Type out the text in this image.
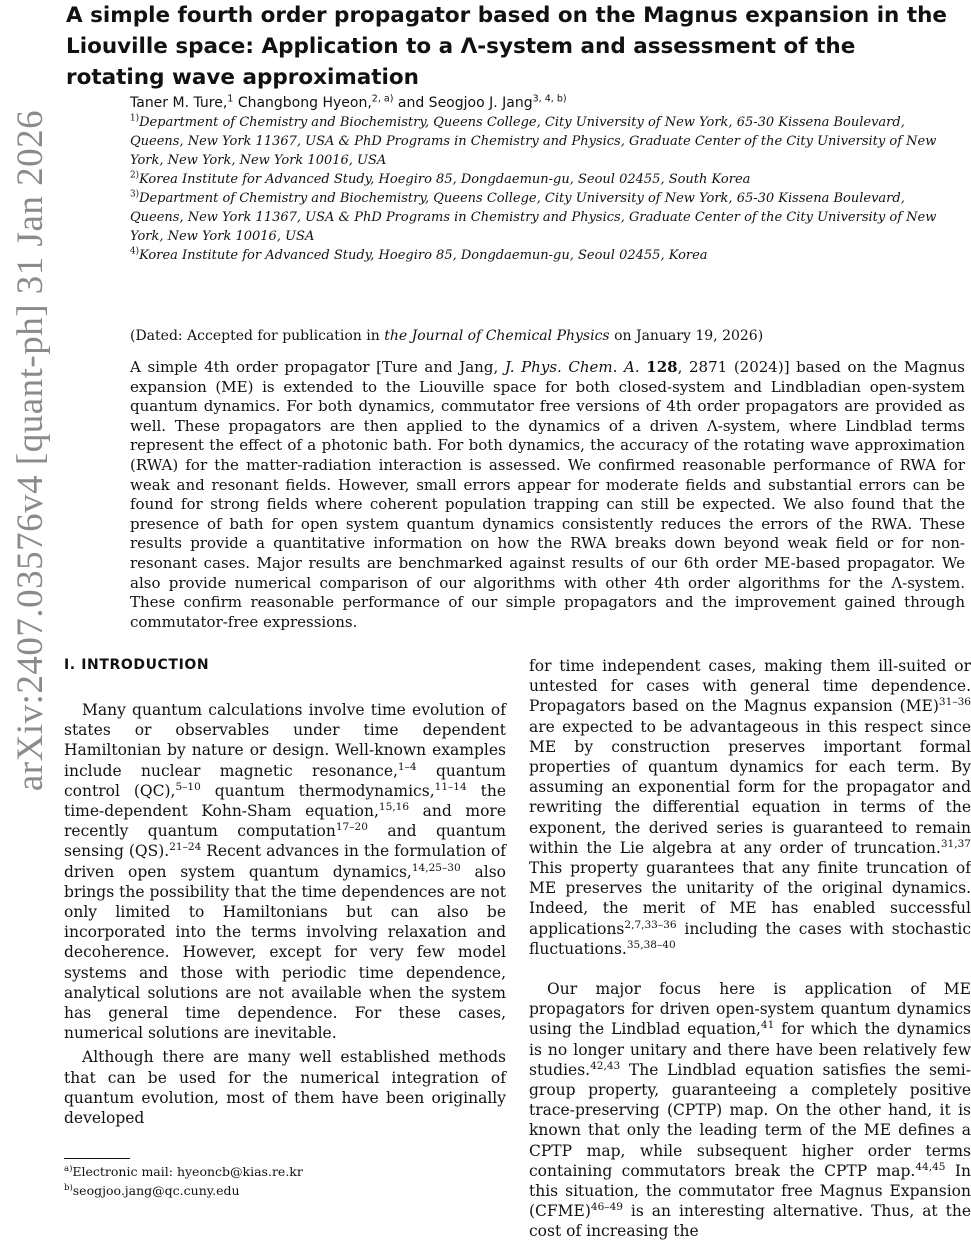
arXiv:2407.03576v4 [quant-ph] 31 Jan 2026
A simple fourth order propagator based on the Magnus expansion in the Liouville space: Application to a Λ-system and assessment of the rotating wave approximation
Taner M. Ture,$^1$ Changbong Hyeon,$^{2, a)}$ and Seogjoo J. Jang$^{3, 4, b)}$
$^{1)}$Department of Chemistry and Biochemistry, Queens College, City University of New York, 65-30 Kissena Boulevard, Queens, New York 11367, USA & PhD Programs in Chemistry and Physics, Graduate Center of the City University of New York, New York, New York 10016, USA
$^{2)}$Korea Institute for Advanced Study, Hoegiro 85, Dongdaemun-gu, Seoul 02455, South Korea
$^{3)}$Department of Chemistry and Biochemistry, Queens College, City University of New York, 65-30 Kissena Boulevard, Queens, New York 11367, USA & PhD Programs in Chemistry and Physics, Graduate Center of the City University of New York, New York 10016, USA
$^{4)}$Korea Institute for Advanced Study, Hoegiro 85, Dongdaemun-gu, Seoul 02455, Korea
(Dated: Accepted for publication in the Journal of Chemical Physics on January 19, 2026)
A simple 4th order propagator [Ture and Jang, J. Phys. Chem. A. 128, 2871 (2024)] based on the Magnus expansion (ME) is extended to the Liouville space for both closed-system and Lindbladian open-system quantum dynamics. For both dynamics, commutator free versions of 4th order propagators are provided as well. These propagators are then applied to the dynamics of a driven Λ-system, where Lindblad terms represent the effect of a photonic bath. For both dynamics, the accuracy of the rotating wave approximation (RWA) for the matter-radiation interaction is assessed. We confirmed reasonable performance of RWA for weak and resonant fields. However, small errors appear for moderate fields and substantial errors can be found for strong fields where coherent population trapping can still be expected. We also found that the presence of bath for open system quantum dynamics consistently reduces the errors of the RWA. These results provide a quantitative information on how the RWA breaks down beyond weak field or for non-resonant cases. Major results are benchmarked against results of our 6th order ME-based propagator. We also provide numerical comparison of our algorithms with other 4th order algorithms for the Λ-system. These confirm reasonable performance of our simple propagators and the improvement gained through commutator-free expressions.
I. INTRODUCTION

Many quantum calculations involve time evolution of states or observables under time dependent Hamiltonian by nature or design. Well-known examples include nuclear magnetic resonance,$^{1-4}$ quantum control (QC),$^{5-10}$ quantum thermodynamics,$^{11-14}$ the time-dependent Kohn-Sham equation,$^{15,16}$ and more recently quantum computation$^{17-20}$ and quantum sensing (QS).$^{21-24}$ Recent advances in the formulation of driven open system quantum dynamics,$^{14,25-30}$ also brings the possibility that the time dependences are not only limited to Hamiltonians but can also be incorporated into the terms involving relaxation and decoherence. However, except for very few model systems and those with periodic time dependence, analytical solutions are not available when the system has general time dependence. For these cases, numerical solutions are inevitable.

Although there are many well established methods that can be used for the numerical integration of quantum evolution, most of them have been originally developed

for time independent cases, making them ill-suited or untested for cases with general time dependence. Propagators based on the Magnus expansion (ME)$^{31-36}$ are expected to be advantageous in this respect since ME by construction preserves important formal properties of quantum dynamics for each term. By assuming an exponential form for the propagator and rewriting the differential equation in terms of the exponent, the derived series is guaranteed to remain within the Lie algebra at any order of truncation.$^{31,37}$ This property guarantees that any finite truncation of ME preserves the unitarity of the original dynamics. Indeed, the merit of ME has enabled successful applications$^{2,7,33-36}$ including the cases with stochastic fluctuations.$^{35,38-40}$

Our major focus here is application of ME propagators for driven open-system quantum dynamics using the Lindblad equation,$^{41}$ for which the dynamics is no longer unitary and there have been relatively few studies.$^{42,43}$ The Lindblad equation satisfies the semi-group property, guaranteeing a completely positive trace-preserving (CPTP) map. On the other hand, it is known that only the leading term of the ME defines a CPTP map, while subsequent higher order terms containing commutators break the CPTP map.$^{44,45}$ In this situation, the commutator free Magnus Expansion (CFME)$^{46-49}$ is an interesting alternative. Thus, at the cost of increasing the

$^{a)}$Electronic mail: hyeoncb@kias.re.kr
$^{b)}$seogjoo.jang@qc.cuny.edu
